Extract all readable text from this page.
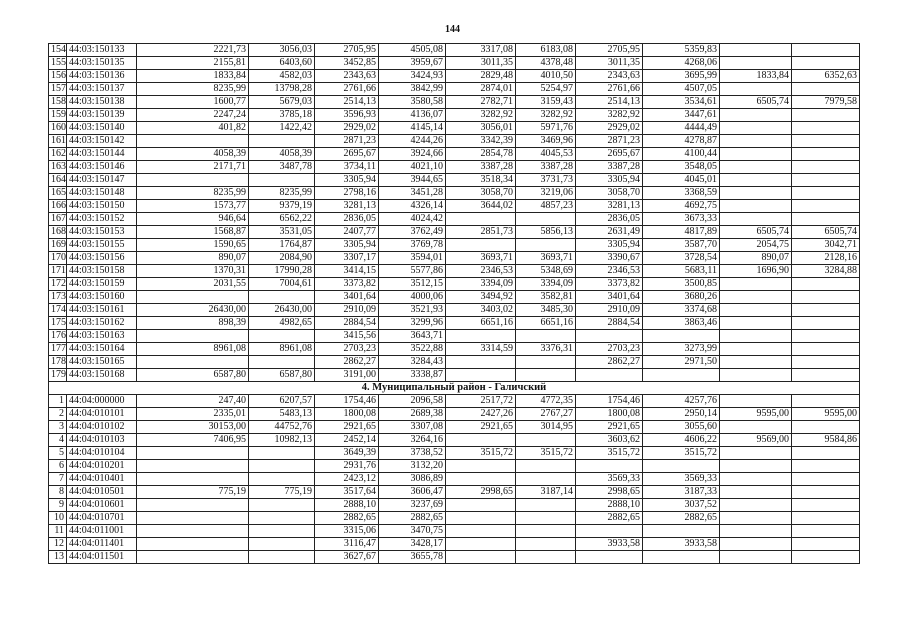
144
154	44:03:150133	2221,73	3056,03	2705,95	4505,08	3317,08	6183,08	2705,95	5359,83		
155	44:03:150135	2155,81	6403,60	3452,85	3959,67	3011,35	4378,48	3011,35	4268,06		
156	44:03:150136	1833,84	4582,03	2343,63	3424,93	2829,48	4010,50	2343,63	3695,99	1833,84	6352,63
157	44:03:150137	8235,99	13798,28	2761,66	3842,99	2874,01	5254,97	2761,66	4507,05		
158	44:03:150138	1600,77	5679,03	2514,13	3580,58	2782,71	3159,43	2514,13	3534,61	6505,74	7979,58
159	44:03:150139	2247,24	3785,18	3596,93	4136,07	3282,92	3282,92	3282,92	3447,61		
160	44:03:150140	401,82	1422,42	2929,02	4145,14	3056,01	5971,76	2929,02	4444,49		
161	44:03:150142			2871,23	4244,26	3342,39	3469,96	2871,23	4278,87		
162	44:03:150144	4058,39	4058,39	2695,67	3924,66	2854,78	4045,53	2695,67	4100,44		
163	44:03:150146	2171,71	3487,78	3734,11	4021,10	3387,28	3387,28	3387,28	3548,05		
164	44:03:150147			3305,94	3944,65	3518,34	3731,73	3305,94	4045,01		
165	44:03:150148	8235,99	8235,99	2798,16	3451,28	3058,70	3219,06	3058,70	3368,59		
166	44:03:150150	1573,77	9379,19	3281,13	4326,14	3644,02	4857,23	3281,13	4692,75		
167	44:03:150152	946,64	6562,22	2836,05	4024,42			2836,05	3673,33		
168	44:03:150153	1568,87	3531,05	2407,77	3762,49	2851,73	5856,13	2631,49	4817,89	6505,74	6505,74
169	44:03:150155	1590,65	1764,87	3305,94	3769,78			3305,94	3587,70	2054,75	3042,71
170	44:03:150156	890,07	2084,90	3307,17	3594,01	3693,71	3693,71	3390,67	3728,54	890,07	2128,16
171	44:03:150158	1370,31	17990,28	3414,15	5577,86	2346,53	5348,69	2346,53	5683,11	1696,90	3284,88
172	44:03:150159	2031,55	7004,61	3373,82	3512,15	3394,09	3394,09	3373,82	3500,85		
173	44:03:150160			3401,64	4000,06	3494,92	3582,81	3401,64	3680,26		
174	44:03:150161	26430,00	26430,00	2910,09	3521,93	3403,02	3485,30	2910,09	3374,68		
175	44:03:150162	898,39	4982,65	2884,54	3299,96	6651,16	6651,16	2884,54	3863,46		
176	44:03:150163			3415,56	3643,71						
177	44:03:150164	8961,08	8961,08	2703,23	3522,88	3314,59	3376,31	2703,23	3273,99		
178	44:03:150165			2862,27	3284,43			2862,27	2971,50		
179	44:03:150168	6587,80	6587,80	3191,00	3338,87						
4. Муниципальный район - Галичский											
1	44:04:000000	247,40	6207,57	1754,46	2096,58	2517,72	4772,35	1754,46	4257,76		
2	44:04:010101	2335,01	5483,13	1800,08	2689,38	2427,26	2767,27	1800,08	2950,14	9595,00	9595,00
3	44:04:010102	30153,00	44752,76	2921,65	3307,08	2921,65	3014,95	2921,65	3055,60		
4	44:04:010103	7406,95	10982,13	2452,14	3264,16			3603,62	4606,22	9569,00	9584,86
5	44:04:010104			3649,39	3738,52	3515,72	3515,72	3515,72	3515,72		
6	44:04:010201			2931,76	3132,20						
7	44:04:010401			2423,12	3086,89			3569,33	3569,33		
8	44:04:010501	775,19	775,19	3517,64	3606,47	2998,65	3187,14	2998,65	3187,33		
9	44:04:010601			2888,10	3237,69			2888,10	3037,52		
10	44:04:010701			2882,65	2882,65			2882,65	2882,65		
11	44:04:011001			3315,06	3470,75						
12	44:04:011401			3116,47	3428,17			3933,58	3933,58		
13	44:04:011501			3627,67	3655,78						
